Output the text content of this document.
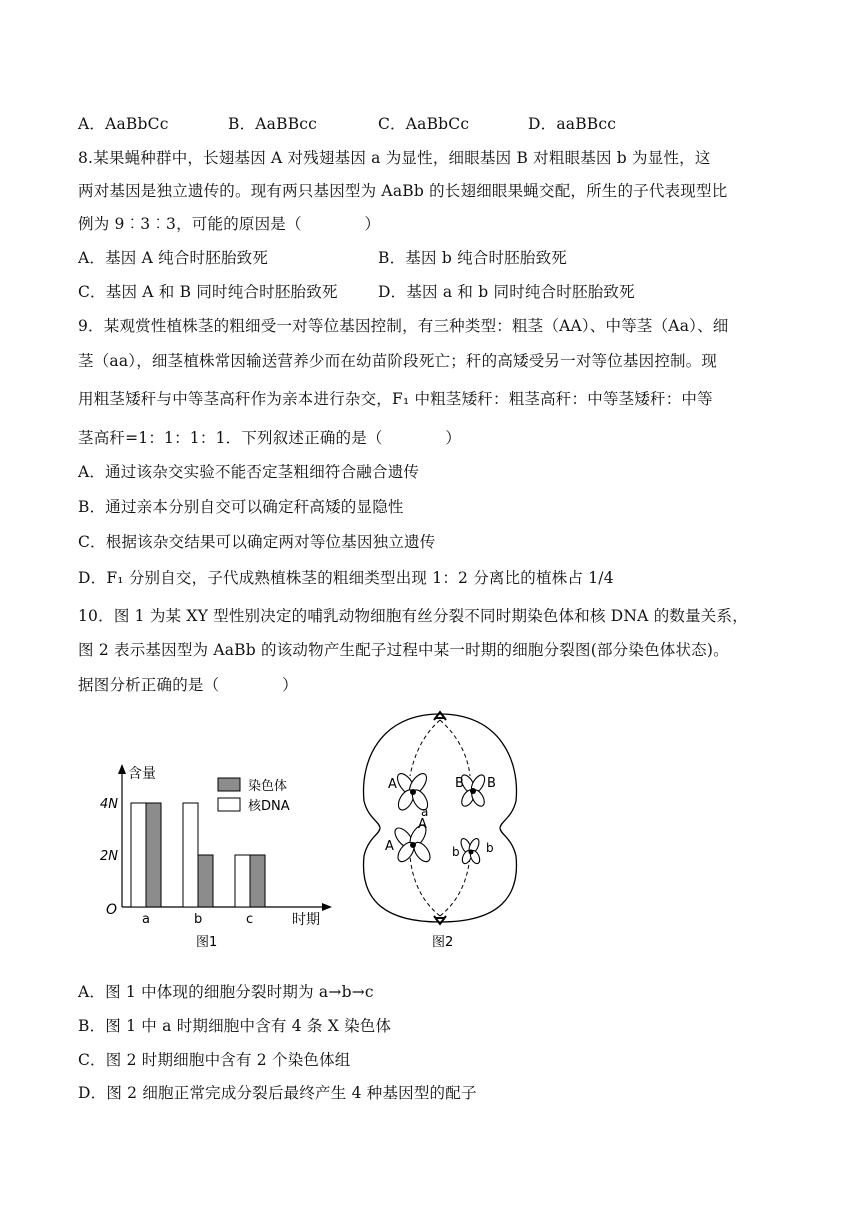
A．AaBbCc	B．AaBBcc	C．AaBbCc	D．aaBBcc
8.某果蝇种群中，长翅基因 A 对残翅基因 a 为显性，细眼基因 B 对粗眼基因 b 为显性，这
两对基因是独立遗传的。现有两只基因型为 AaBb 的长翅细眼果蝇交配，所生的子代表现型比
例为 9︰3︰3，可能的原因是（　　　　）
A．基因 A 纯合时胚胎致死	B．基因 b 纯合时胚胎致死
C．基因 A 和 B 同时纯合时胚胎致死	D．基因 a 和 b 同时纯合时胚胎致死
9．某观赏性植株茎的粗细受一对等位基因控制，有三种类型：粗茎（AA）、中等茎（Aa）、细
茎（aa），细茎植株常因输送营养少而在幼苗阶段死亡；秆的高矮受另一对等位基因控制。现
用粗茎矮秆与中等茎高秆作为亲本进行杂交，F₁ 中粗茎矮秆：粗茎高秆：中等茎矮秆：中等
茎高秆=1：1：1：1．下列叙述正确的是（　　　　）
A．通过该杂交实验不能否定茎粗细符合融合遗传
B．通过亲本分别自交可以确定秆高矮的显隐性
C．根据该杂交结果可以确定两对等位基因独立遗传
D．F₁ 分别自交，子代成熟植株茎的粗细类型出现 1：2 分离比的植株占 1/4
10．图 1 为某 XY 型性别决定的哺乳动物细胞有丝分裂不同时期染色体和核 DNA 的数量关系，
图 2 表示基因型为 AaBb 的该动物产生配子过程中某一时期的细胞分裂图(部分染色体状态)。
据图分析正确的是（　　　　）
含量
时期
O
2N
4N
a	b	c
染色体
核DNA
图1
A
a
B B
A
A	b b
图2
A．图 1 中体现的细胞分裂时期为 a→b→c
B．图 1 中 a 时期细胞中含有 4 条 X 染色体
C．图 2 时期细胞中含有 2 个染色体组
D．图 2 细胞正常完成分裂后最终产生 4 种基因型的配子
